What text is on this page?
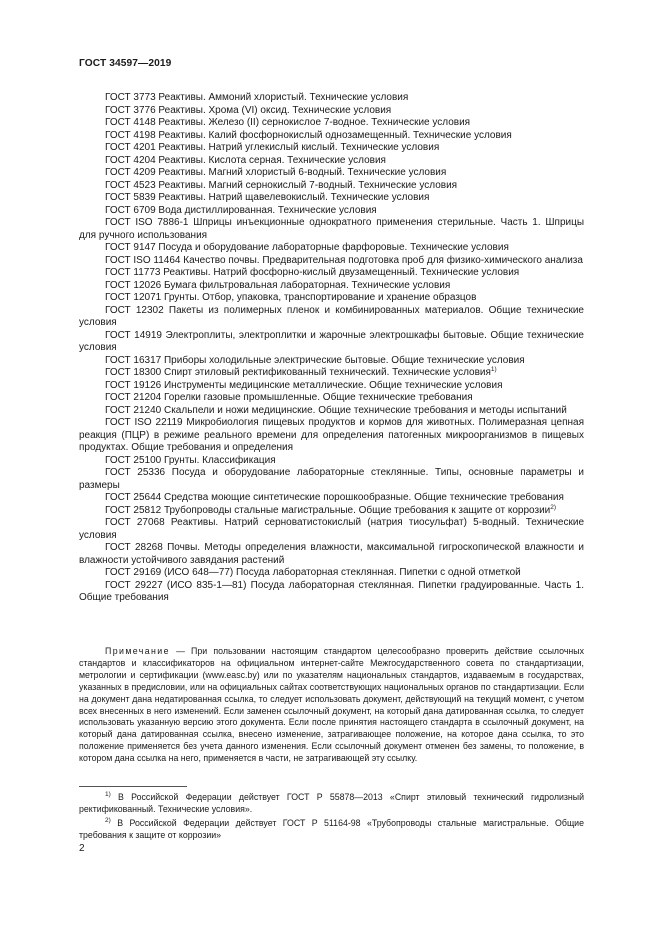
ГОСТ 34597—2019

ГОСТ 3773 Реактивы. Аммоний хлористый. Технические условия

ГОСТ 3776 Реактивы. Хрома (VI) оксид. Технические условия

ГОСТ 4148 Реактивы. Железо (II) сернокислое 7-водное. Технические условия

ГОСТ 4198 Реактивы. Калий фосфорнокислый однозамещенный. Технические условия

ГОСТ 4201 Реактивы. Натрий углекислый кислый. Технические условия

ГОСТ 4204 Реактивы. Кислота серная. Технические условия

ГОСТ 4209 Реактивы. Магний хлористый 6-водный. Технические условия

ГОСТ 4523 Реактивы. Магний сернокислый 7-водный. Технические условия

ГОСТ 5839 Реактивы. Натрий щавелевокислый. Технические условия

ГОСТ 6709 Вода дистиллированная. Технические условия

ГОСТ ISO 7886-1 Шприцы инъекционные однократного применения стерильные. Часть 1. Шприцы для ручного использования

ГОСТ 9147 Посуда и оборудование лабораторные фарфоровые. Технические условия

ГОСТ ISO 11464 Качество почвы. Предварительная подготовка проб для физико-химического анализа

ГОСТ 11773 Реактивы. Натрий фосфорно-кислый двузамещенный. Технические условия

ГОСТ 12026 Бумага фильтровальная лабораторная. Технические условия

ГОСТ 12071 Грунты. Отбор, упаковка, транспортирование и хранение образцов

ГОСТ 12302 Пакеты из полимерных пленок и комбинированных материалов. Общие технические условия

ГОСТ 14919 Электроплиты, электроплитки и жарочные электрошкафы бытовые. Общие технические условия

ГОСТ 16317 Приборы холодильные электрические бытовые. Общие технические условия

ГОСТ 18300 Спирт этиловый ректификованный технический. Технические условия$^{1)}$

ГОСТ 19126 Инструменты медицинские металлические. Общие технические условия

ГОСТ 21204 Горелки газовые промышленные. Общие технические требования

ГОСТ 21240 Скальпели и ножи медицинские. Общие технические требования и методы испытаний

ГОСТ ISO 22119 Микробиология пищевых продуктов и кормов для животных. Полимеразная цепная реакция (ПЦР) в режиме реального времени для определения патогенных микроорганизмов в пищевых продуктах. Общие требования и определения

ГОСТ 25100 Грунты. Классификация

ГОСТ 25336 Посуда и оборудование лабораторные стеклянные. Типы, основные параметры и размеры

ГОСТ 25644 Средства моющие синтетические порошкообразные. Общие технические требования

ГОСТ 25812 Трубопроводы стальные магистральные. Общие требования к защите от коррозии$^{2)}$

ГОСТ 27068 Реактивы. Натрий серноватистокислый (натрия тиосульфат) 5-водный. Технические условия

ГОСТ 28268 Почвы. Методы определения влажности, максимальной гигроскопической влажности и влажности устойчивого завядания растений

ГОСТ 29169 (ИСО 648—77) Посуда лабораторная стеклянная. Пипетки с одной отметкой

ГОСТ 29227 (ИСО 835-1—81) Посуда лабораторная стеклянная. Пипетки градуированные. Часть 1. Общие требования

Примечание — При пользовании настоящим стандартом целесообразно проверить действие ссылочных стандартов и классификаторов на официальном интернет-сайте Межгосударственного совета по стандартизации, метрологии и сертификации (www.easc.by) или по указателям национальных стандартов, издаваемым в государствах, указанных в предисловии, или на официальных сайтах соответствующих национальных органов по стандартизации. Если на документ дана недатированная ссылка, то следует использовать документ, действующий на текущий момент, с учетом всех внесенных в него изменений. Если заменен ссылочный документ, на который дана датированная ссылка, то следует использовать указанную версию этого документа. Если после принятия настоящего стандарта в ссылочный документ, на который дана датированная ссылка, внесено изменение, затрагивающее положение, на которое дана ссылка, то это положение применяется без учета данного изменения. Если ссылочный документ отменен без замены, то положение, в котором дана ссылка на него, применяется в части, не затрагивающей эту ссылку.

$^{1)}$ В Российской Федерации действует ГОСТ Р 55878—2013 «Спирт этиловый технический гидролизный ректификованный. Технические условия».

$^{2)}$ В Российской Федерации действует ГОСТ Р 51164-98 «Трубопроводы стальные магистральные. Общие требования к защите от коррозии»

2
